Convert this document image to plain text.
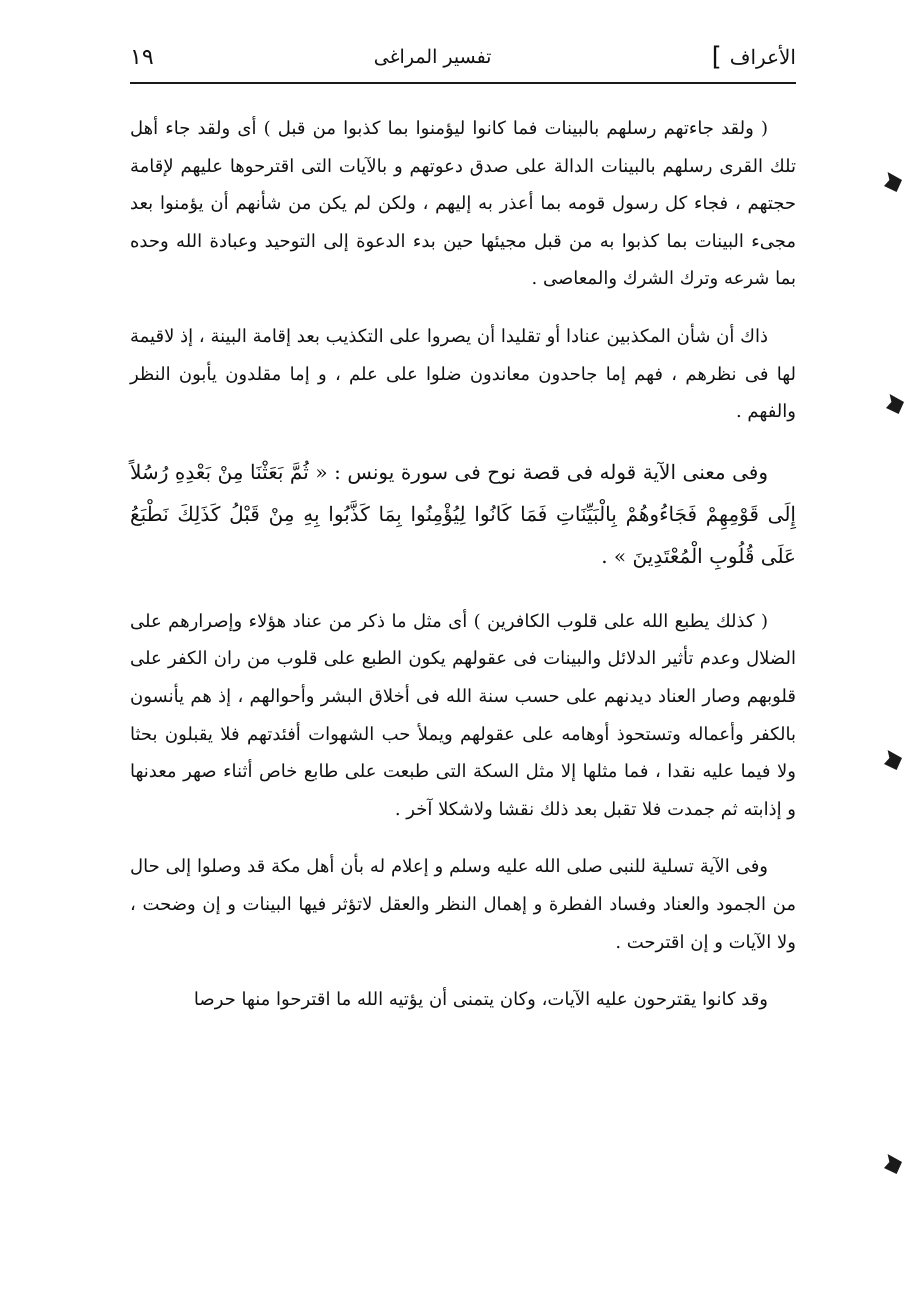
الأعراف
]
تفسير المراغى
١٩

( ولقد جاءتهم رسلهم بالبينات فما كانوا ليؤمنوا بما كذبوا من قبل ) أى ولقد جاء أهل تلك القرى رسلهم بالبينات الدالة على صدق دعوتهم و بالآيات التى اقترحوها عليهم لإقامة حجتهم ، فجاء كل رسول قومه بما أعذر به إليهم ، ولكن لم يكن من شأنهم أن يؤمنوا بعد مجىء البينات بما كذبوا به من قبل مجيئها حين بدء الدعوة إلى التوحيد وعبادة الله وحده بما شرعه وترك الشرك والمعاصى .

ذاك أن شأن المكذبين عنادا أو تقليدا أن يصروا على التكذيب بعد إقامة البينة ، إذ لاقيمة لها فى نظرهم ، فهم إما جاحدون معاندون ضلوا على علم ، و إما مقلدون يأبون النظر والفهم .

وفى معنى الآية قوله فى قصة نوح فى سورة يونس : « ثُمَّ بَعَثْنَا مِنْ بَعْدِهِ رُسُلاً إِلَى قَوْمِهِمْ فَجَاءُوهُمْ بِالْبَيِّنَاتِ فَمَا كَانُوا لِيُؤْمِنُوا بِمَا كَذَّبُوا بِهِ مِنْ قَبْلُ كَذَلِكَ نَطْبَعُ عَلَى قُلُوبِ الْمُعْتَدِينَ » .

( كذلك يطبع الله على قلوب الكافرين ) أى مثل ما ذكر من عناد هؤلاء وإصرارهم على الضلال وعدم تأثير الدلائل والبينات فى عقولهم يكون الطبع على قلوب من ران الكفر على قلوبهم وصار العناد ديدنهم على حسب سنة الله فى أخلاق البشر وأحوالهم ، إذ هم يأنسون بالكفر وأعماله وتستحوذ أوهامه على عقولهم ويملأ حب الشهوات أفئدتهم فلا يقبلون بحثا ولا فيما عليه نقدا ، فما مثلها إلا مثل السكة التى طبعت على طابع خاص أثناء صهر معدنها و إذابته ثم جمدت فلا تقبل بعد ذلك نقشا ولاشكلا آخر .

وفى الآية تسلية للنبى صلى الله عليه وسلم و إعلام له بأن أهل مكة قد وصلوا إلى حال من الجمود والعناد وفساد الفطرة و إهمال النظر والعقل لاتؤثر فيها البينات و إن وضحت ، ولا الآيات و إن اقترحت .

وقد كانوا يقترحون عليه الآيات، وكان يتمنى أن يؤتيه الله ما اقترحوا منها حرصا
